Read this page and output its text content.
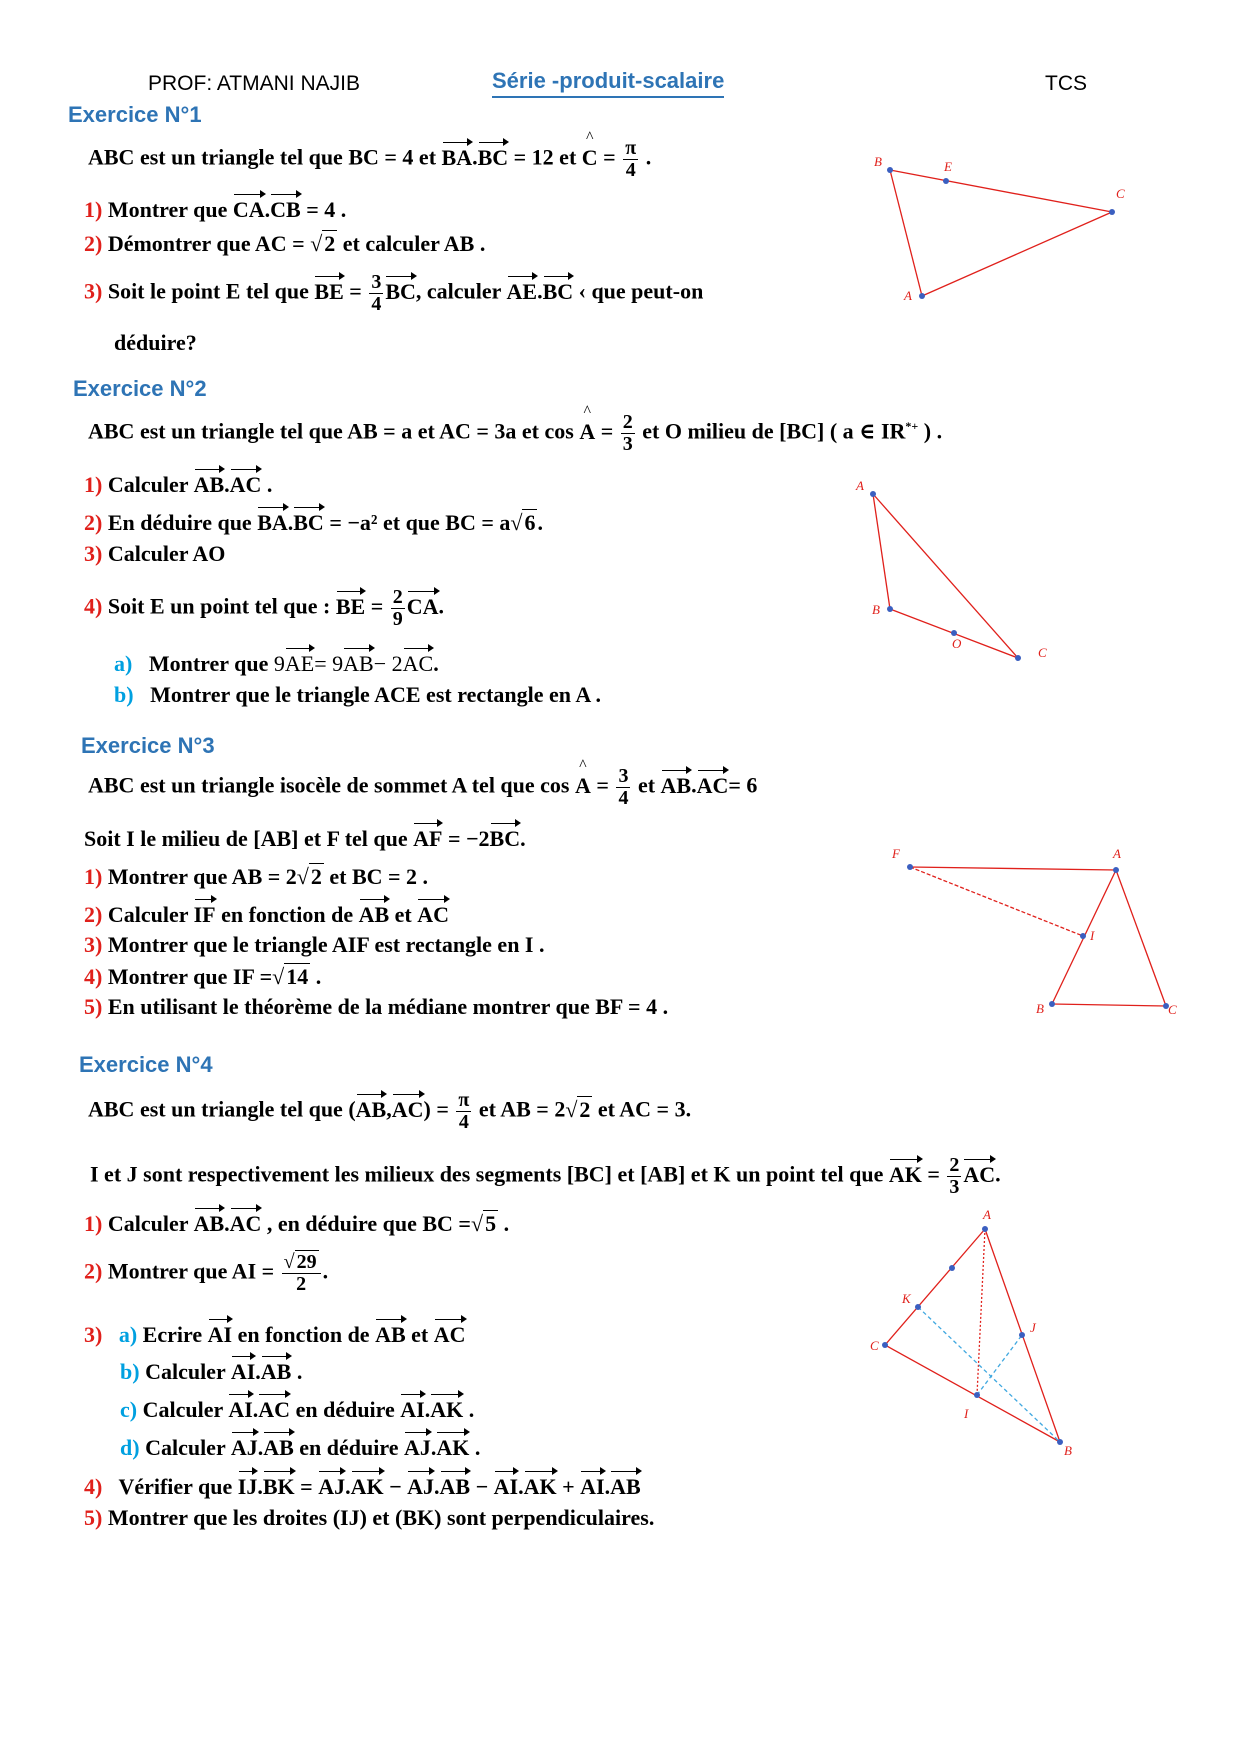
PROF: ATMANI NAJIB	Série -produit-scalaire	TCS
Exercice N°1
ABC est un triangle tel que BC = 4 et BA.BC = 12 et ^ $C = \frac{\pi}{4}$ .
1) Montrer que CA.CB = 4 .
2) Démontrer que AC = √2 et calculer AB .
3) Soit le point E tel que BE = $\frac{3}{4}$ BC, calculer AE.BC ‹ que peut-on
déduire?
B	E
C
A
Exercice N°2
ABC est un triangle tel que AB = a et AC = 3a et cos ^ $A = \frac{2}{3}$ et O milieu de [BC] ( a ∈ IR*+ ) .
1) Calculer AB.AC .
2) En déduire que BA.BC = −a² et que BC = a√6.
3) Calculer AO
4) Soit E un point tel que : BE = $\frac{2}{9}$ CA.
a) Montrer que 9AE= 9AB− 2AC.
b) Montrer que le triangle ACE est rectangle en A .
A
B
O
C
Exercice N°3
ABC est un triangle isocèle de sommet A tel que cos ^ $A = \frac{3}{4}$ et AB.AC= 6
Soit I le milieu de [AB] et F tel que AF = −2BC.
1) Montrer que AB = 2√2 et BC = 2 .
2) Calculer IF en fonction de AB et AC
3) Montrer que le triangle AIF est rectangle en I .
4) Montrer que IF =√14 .
5) En utilisant le théorème de la médiane montrer que BF = 4 .
F	A
I
B	C
Exercice N°4
ABC est un triangle tel que $(AB,AC) = \frac{\pi}{4}$ et AB = 2√2 et AC = 3.
I et J sont respectivement les milieux des segments [BC] et [AB] et K un point tel que AK = $\frac{2}{3}$ AC.
1) Calculer AB.AC , en déduire que BC =√5 .
2) Montrer que AI = $\frac{√ 29}{2}$ .
3) a) Ecrire AI en fonction de AB et AC
b) Calculer AI.AB .
c) Calculer AI.AC en déduire AI.AK .
d) Calculer AJ.AB en déduire AJ.AK .
4) Vérifier que IJ.BK = AJ.AK − AJ.AB − AI.AK + AI.AB
5) Montrer que les droites (IJ) et (BK) sont perpendiculaires.
A
K
J
C
I
B
